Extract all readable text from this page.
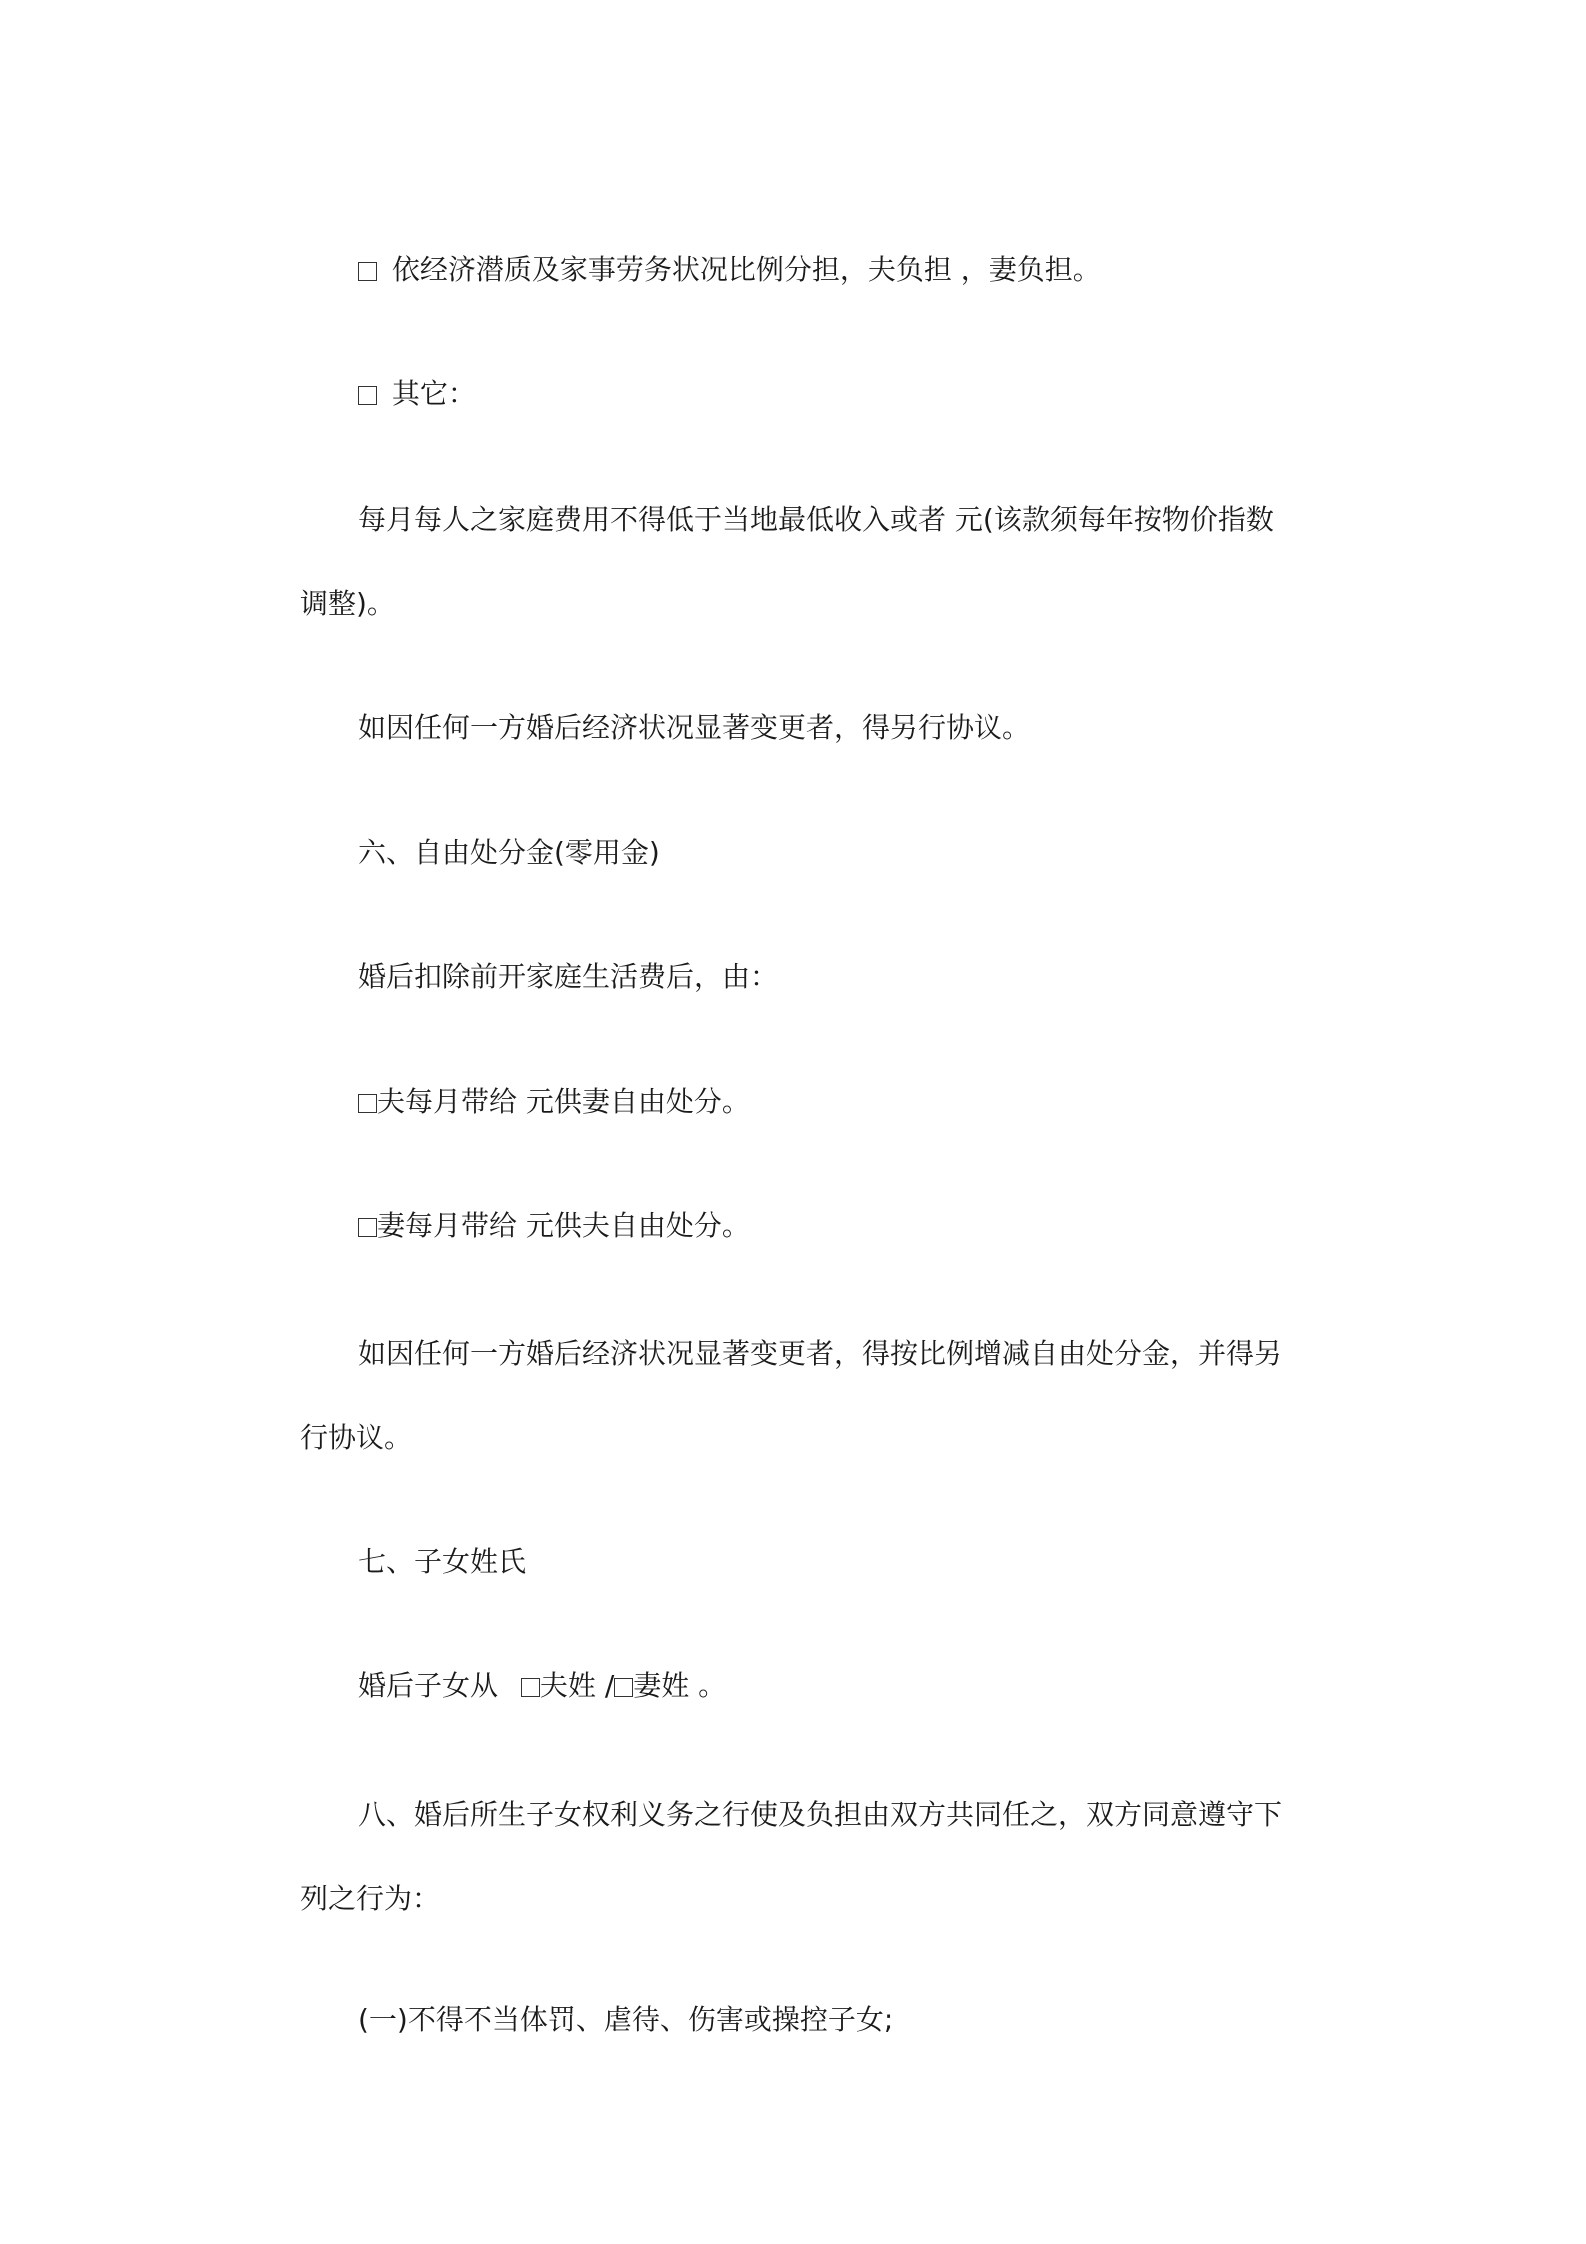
依经济潜质及家事劳务状况比例分担，夫负担 ，妻负担。
其它：
每月每人之家庭费用不得低于当地最低收入或者 元(该款须每年按物价指数调整)。
如因任何一方婚后经济状况显著变更者，得另行协议。
六、自由处分金(零用金)
婚后扣除前开家庭生活费后，由：
夫每月带给 元供妻自由处分。
妻每月带给 元供夫自由处分。
如因任何一方婚后经济状况显著变更者，得按比例增减自由处分金，并得另行协议。
七、子女姓氏
婚后子女从 夫姓 / 妻姓 。
八、婚后所生子女权利义务之行使及负担由双方共同任之，双方同意遵守下列之行为：
(一)不得不当体罚、虐待、伤害或操控子女;
